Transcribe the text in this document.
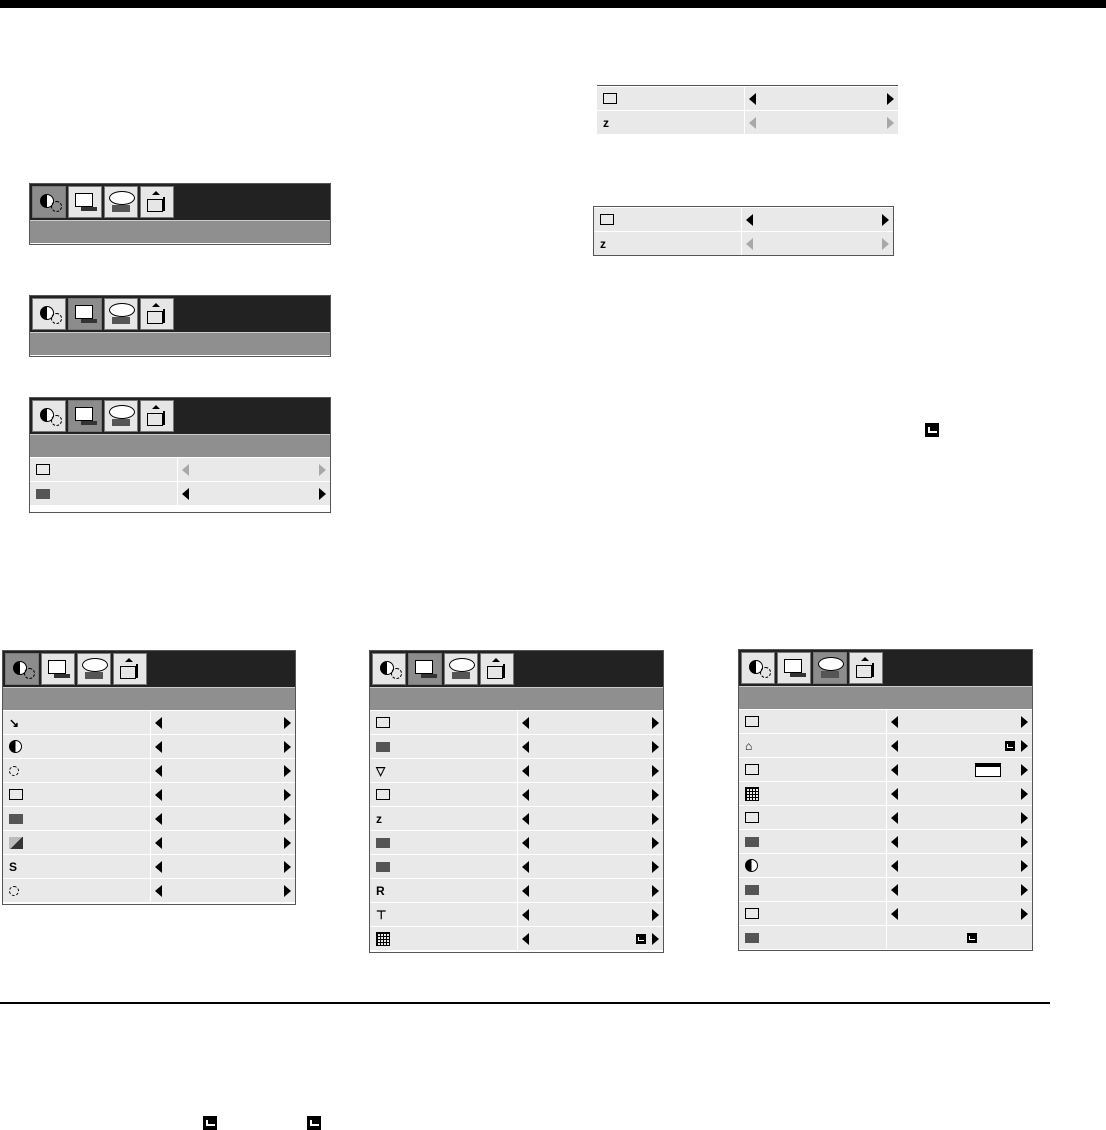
z
z
↘
S
▽
z
R
⊤
⌂
